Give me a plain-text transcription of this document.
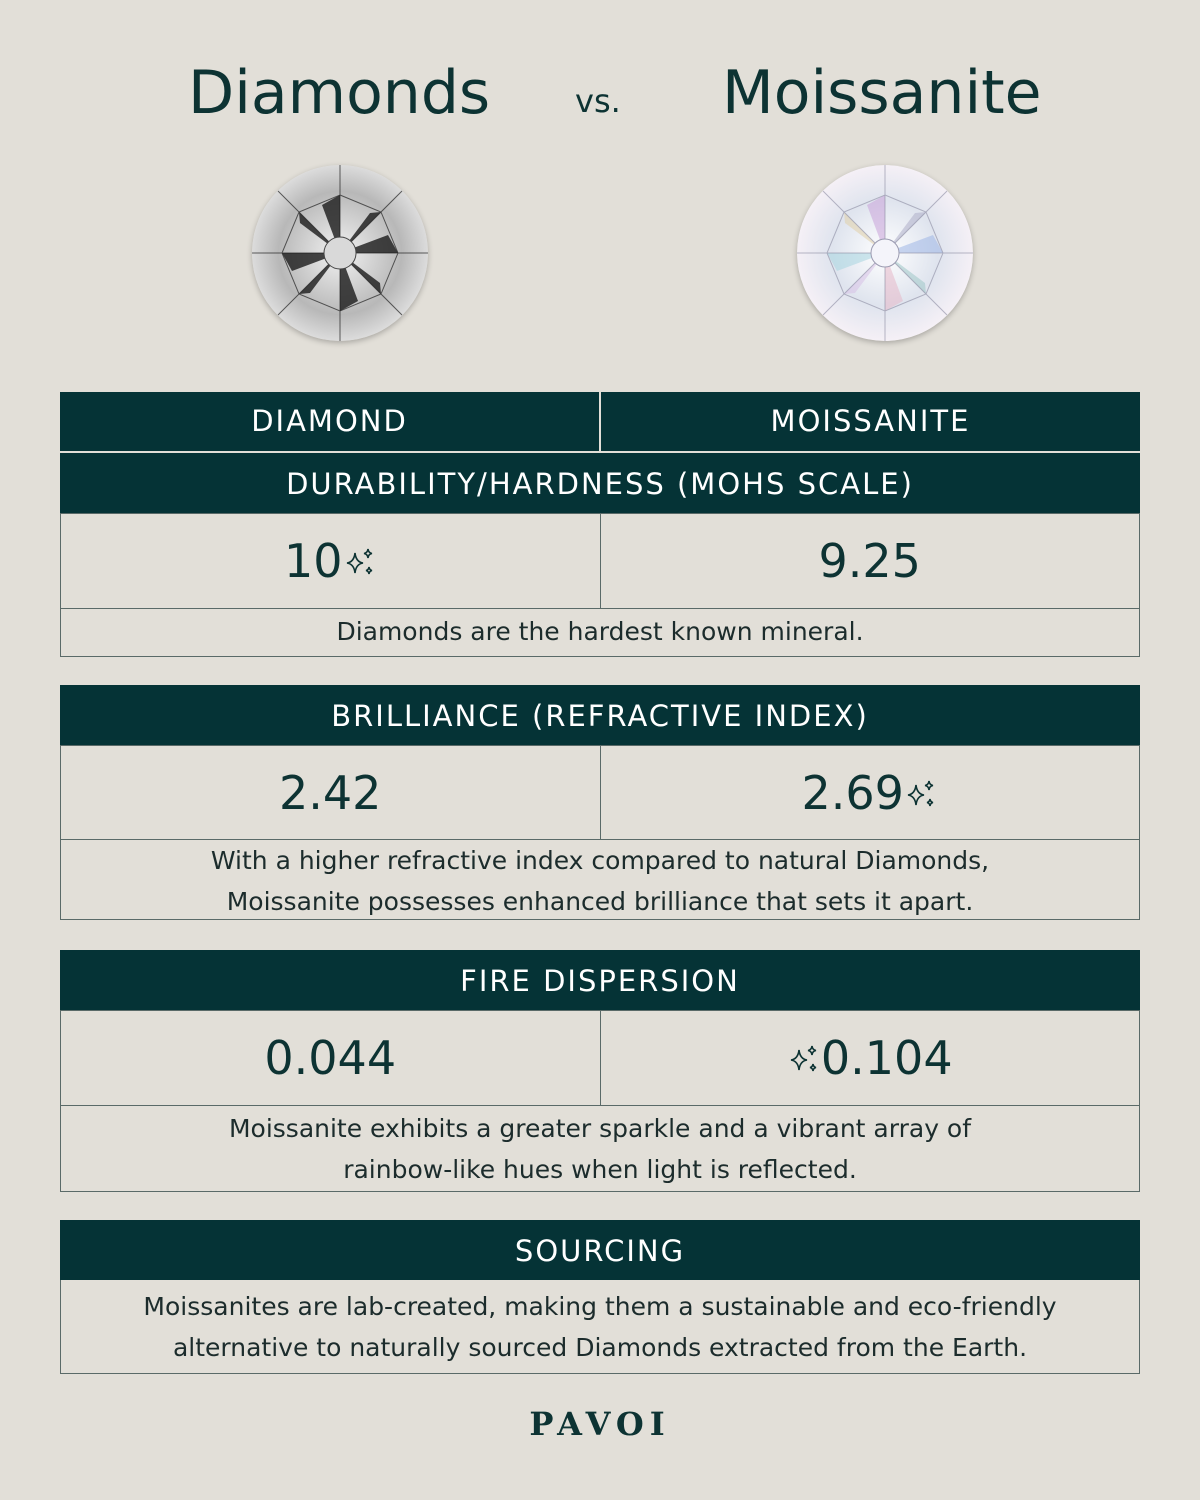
Diamonds	vs. Moissanite
DIAMOND	MOISSANITE
DURABILITY/HARDNESS (MOHS SCALE)
10	9.25
Diamonds are the hardest known mineral.
BRILLIANCE (REFRACTIVE INDEX)
2.42	2.69
With a higher refractive index compared to natural Diamonds,
Moissanite possesses enhanced brilliance that sets it apart.
FIRE DISPERSION
0.044	0.104
Moissanite exhibits a greater sparkle and a vibrant array of
rainbow-like hues when light is reflected.
SOURCING
Moissanites are lab-created, making them a sustainable and eco-friendly
alternative to naturally sourced Diamonds extracted from the Earth.
PAVOI
